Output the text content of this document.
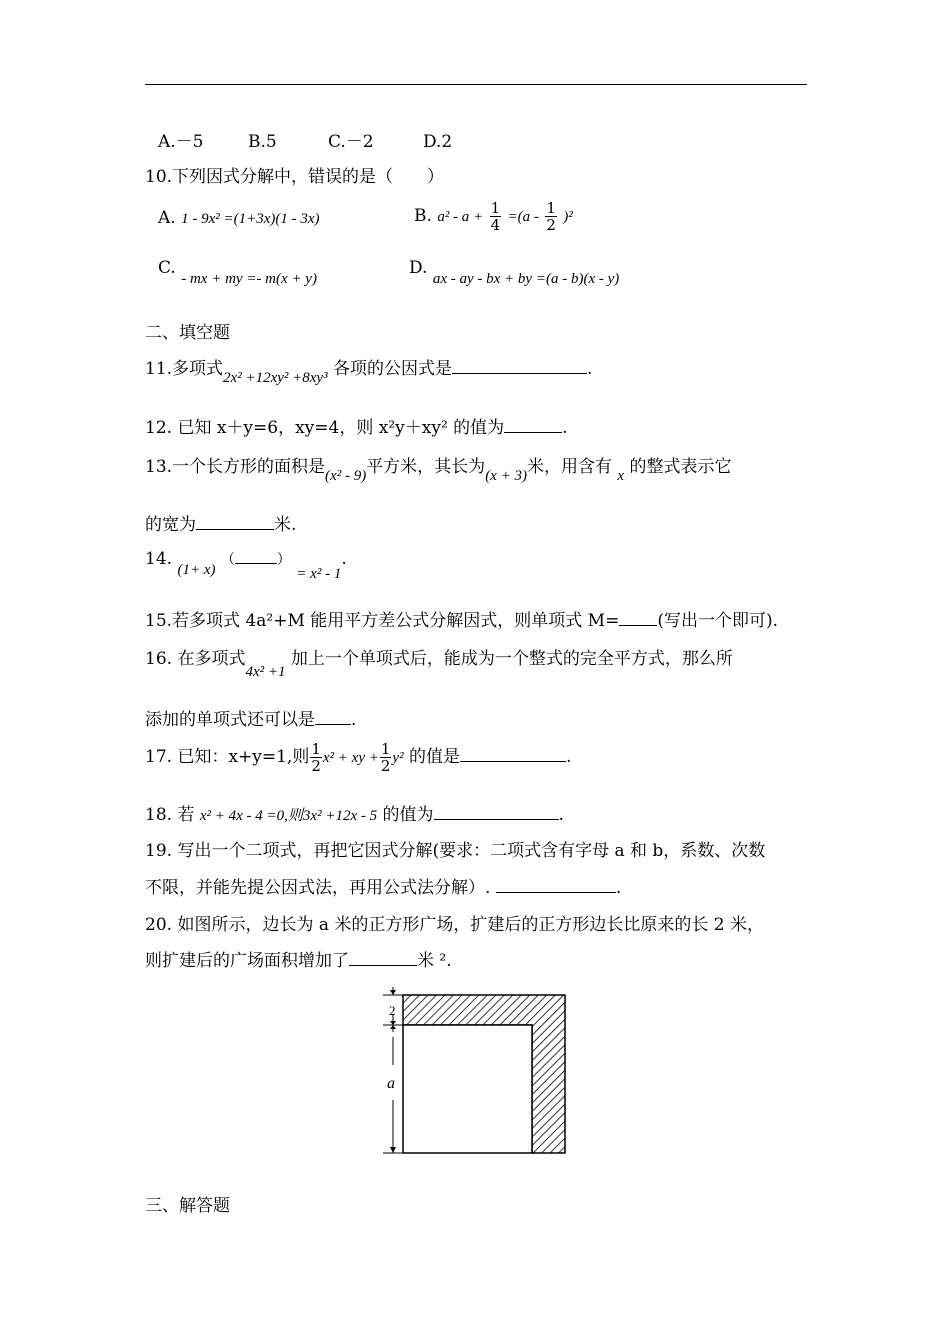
A.－5	B.5	C.－2	D.2
10.下列因式分解中，错误的是（　　）
A. 1 - 9x² =(1+3x)(1 - 3x)	B. $a^2 - a + \frac{1}{4} =(a - \frac{1}{2} )^2$
C. - mx + my =- m(x + y)
D. ax - ay - bx + by =(a - b)(x - y)
二、填空题
11.多项式2x² +12xy² +8xy³ 各项的公因式是	.
12. 已知 x＋y=6，xy=4，则 x²y＋xy² 的值为	.
13.一个长方形的面积是(x² - 9)平方米，其长为(x + 3)米，用含有 x 的整式表示它
的宽为	米.
14. (1+ x) （	） = x² - 1.
15.若多项式 4a²+M 能用平方差公式分解因式，则单项式 M= (写出一个即可).
16. 在多项式4x² +1 加上一个单项式后，能成为一个整式的完全平方式，那么所
添加的单项式还可以是 .
17. 已知：x+y=1,则 $\frac{1}{2} x^2$ + xy + $\frac{1}{2} y^2$ 的值是	.
18. 若 x² + 4x - 4 =0,则3x² +12x - 5 的值为	.
19. 写出一个二项式，再把它因式分解(要求：二项式含有字母 a 和 b，系数、次数
不限，并能先提公因式法，再用公式法分解）.	.
20. 如图所示，边长为 a 米的正方形广场，扩建后的正方形边长比原来的长 2 米，
则扩建后的广场面积增加了	米 ².
2
a
三、解答题
